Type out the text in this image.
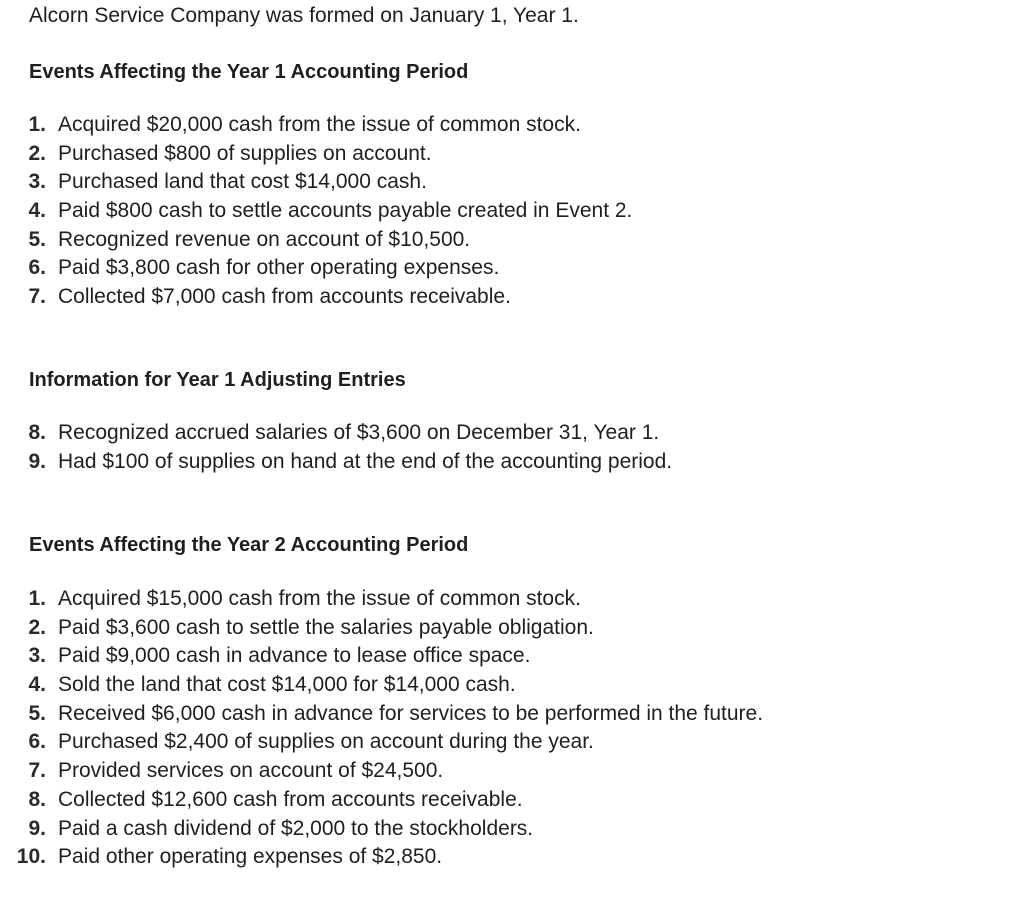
Alcorn Service Company was formed on January 1, Year 1.

Events Affecting the Year 1 Accounting Period

1. Acquired $20,000 cash from the issue of common stock.
2. Purchased $800 of supplies on account.
3. Purchased land that cost $14,000 cash.
4. Paid $800 cash to settle accounts payable created in Event 2.
5. Recognized revenue on account of $10,500.
6. Paid $3,800 cash for other operating expenses.
7. Collected $7,000 cash from accounts receivable.

Information for Year 1 Adjusting Entries

8. Recognized accrued salaries of $3,600 on December 31, Year 1.
9. Had $100 of supplies on hand at the end of the accounting period.

Events Affecting the Year 2 Accounting Period

1. Acquired $15,000 cash from the issue of common stock.
2. Paid $3,600 cash to settle the salaries payable obligation.
3. Paid $9,000 cash in advance to lease office space.
4. Sold the land that cost $14,000 for $14,000 cash.
5. Received $6,000 cash in advance for services to be performed in the future.
6. Purchased $2,400 of supplies on account during the year.
7. Provided services on account of $24,500.
8. Collected $12,600 cash from accounts receivable.
9. Paid a cash dividend of $2,000 to the stockholders.
10. Paid other operating expenses of $2,850.
